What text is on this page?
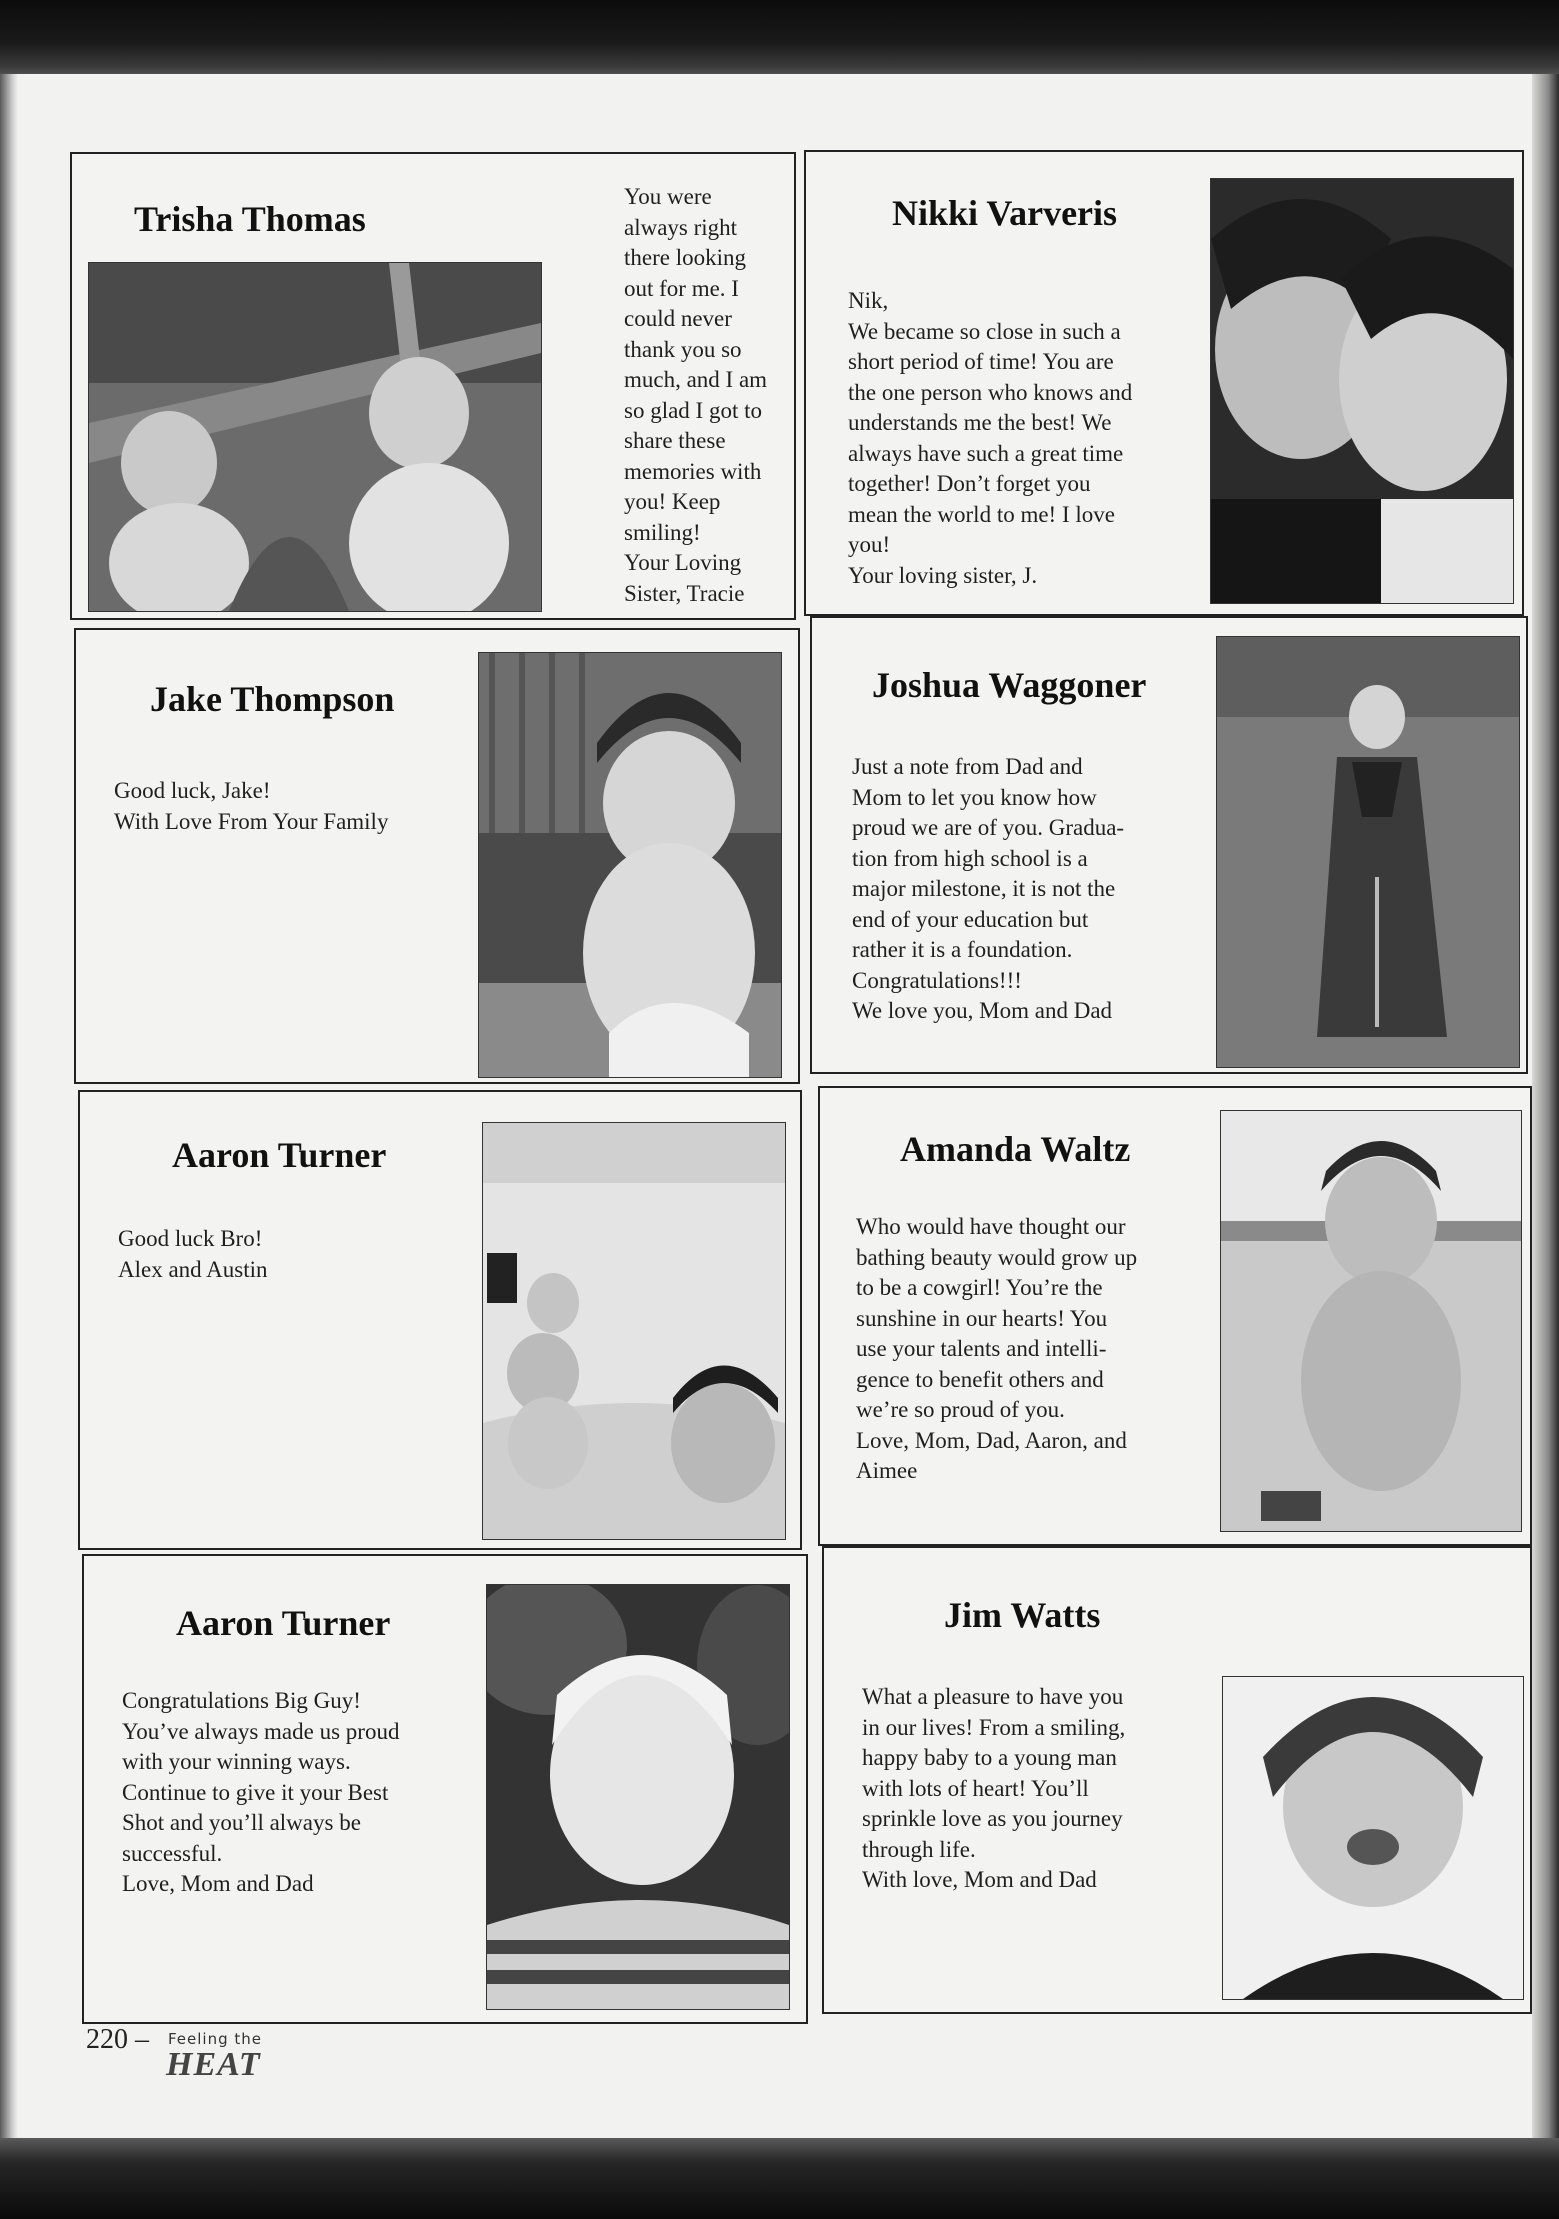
Trisha Thomas
You were
always right
there looking
out for me. I
could never
thank you so
much, and I am
so glad I got to
share these
memories with
you! Keep
smiling!
Your Loving
Sister, Tracie
Nikki Varveris
Nik,
We became so close in such a
short period of time! You are
the one person who knows and
understands me the best! We
always have such a great time
together! Don’t forget you
mean the world to me! I love
you!
Your loving sister, J.
Jake Thompson
Good luck, Jake!
With Love From Your Family
Joshua Waggoner
Just a note from Dad and
Mom to let you know how
proud we are of you. Gradua-
tion from high school is a
major milestone, it is not the
end of your education but
rather it is a foundation.
Congratulations!!!
We love you, Mom and Dad
Aaron Turner
Good luck Bro!
Alex and Austin
Amanda Waltz
Who would have thought our
bathing beauty would grow up
to be a cowgirl! You’re the
sunshine in our hearts! You
use your talents and intelli-
gence to benefit others and
we’re so proud of you.
Love, Mom, Dad, Aaron, and
Aimee
Aaron Turner
Congratulations Big Guy!
You’ve always made us proud
with your winning ways.
Continue to give it your Best
Shot and you’ll always be
successful.
Love, Mom and Dad
Jim Watts
What a pleasure to have you
in our lives! From a smiling,
happy baby to a young man
with lots of heart! You’ll
sprinkle love as you journey
through life.
With love, Mom and Dad
220 – Feeling the
HEAT
